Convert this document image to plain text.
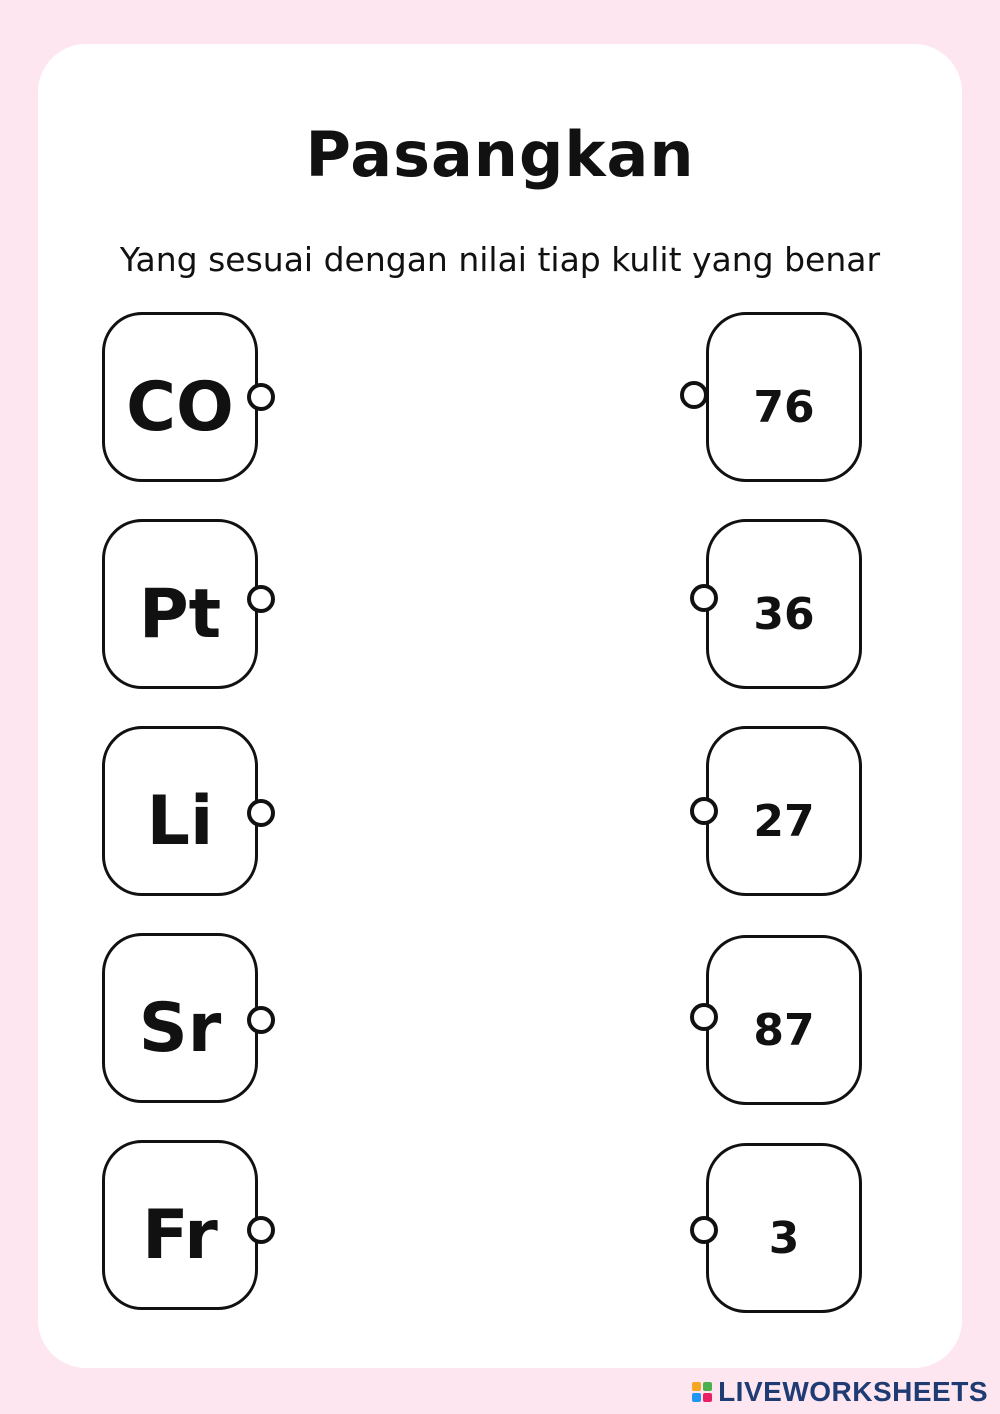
Pasangkan
Yang sesuai dengan nilai tiap kulit yang benar
CO
Pt
Li
Sr
Fr
76
36
27
87
3
LIVEWORKSHEETS
